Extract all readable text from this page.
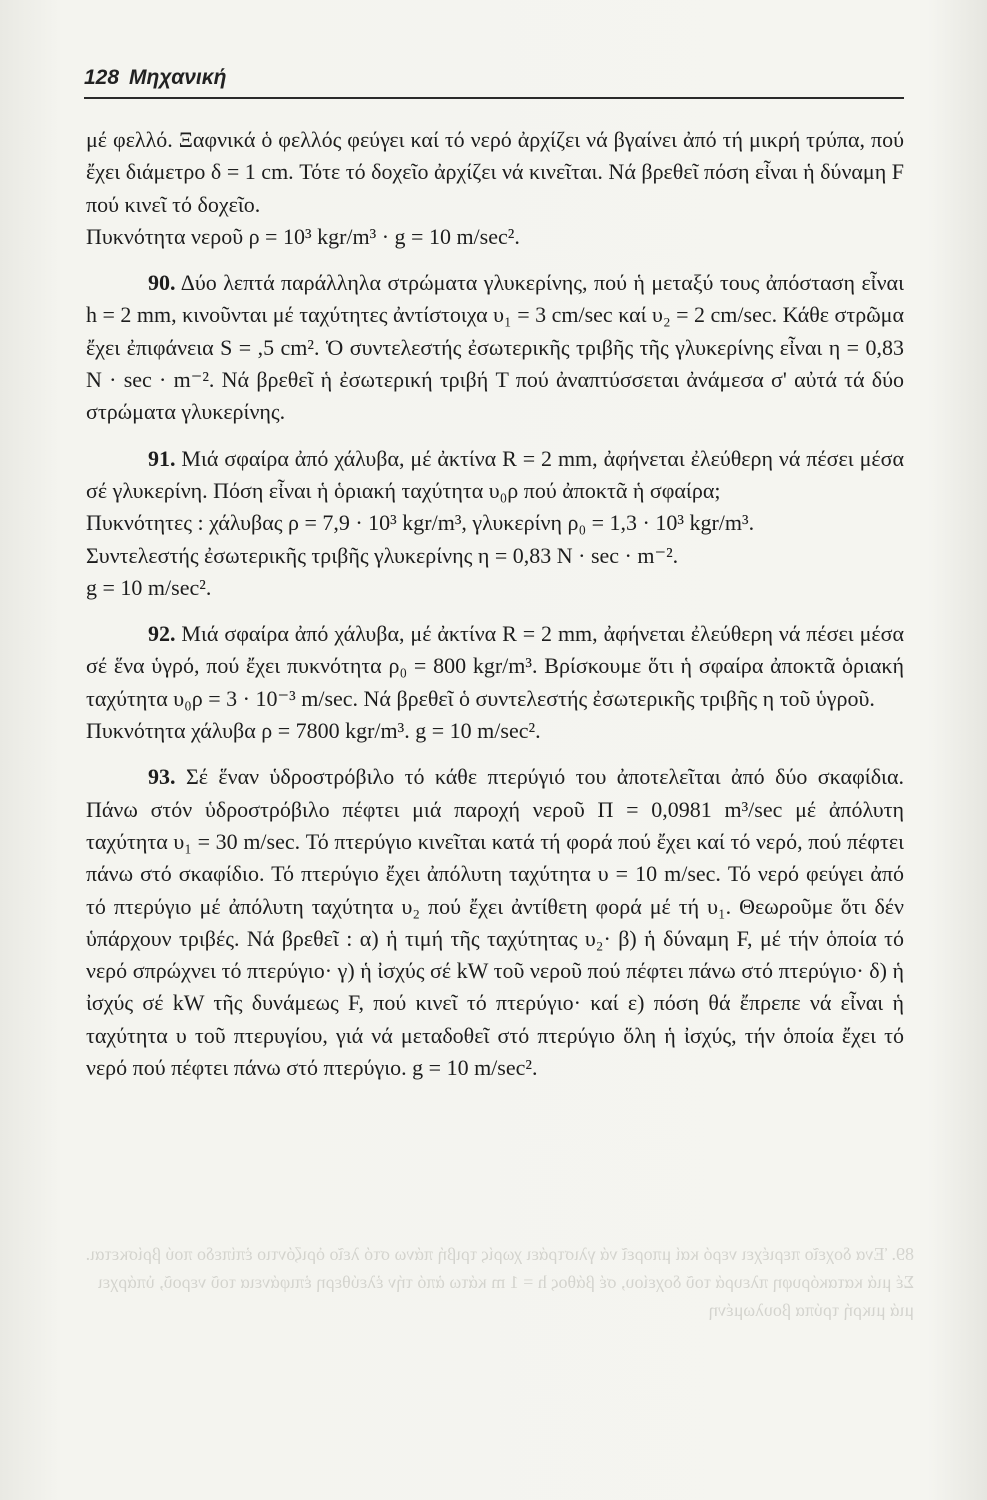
128 Μηχανική

μέ φελλό. Ξαφνικά ὁ φελλός φεύγει καί τό νερό ἀρχίζει νά βγαίνει ἀπό τή μικρή τρύπα, πού ἔχει διάμετρο δ = 1 cm. Τότε τό δοχεῖο ἀρχίζει νά κινεῖται. Νά βρεθεῖ πόση εἶναι ἡ δύναμη F πού κινεῖ τό δοχεῖο.

Πυκνότητα νεροῦ ρ = 10³ kgr/m³ · g = 10 m/sec².

90. Δύο λεπτά παράλληλα στρώματα γλυκερίνης, πού ἡ μεταξύ τους ἀπόσταση εἶναι h = 2 mm, κινοῦνται μέ ταχύτητες ἀντίστοιχα υ₁ = 3 cm/sec καί υ₂ = 2 cm/sec. Κάθε στρῶμα ἔχει ἐπιφάνεια S = ,5 cm². Ὁ συντελεστής ἐσωτερικῆς τριβῆς τῆς γλυκερίνης εἶναι η = 0,83 N · sec · m⁻². Νά βρεθεῖ ἡ ἐσωτερική τριβή T πού ἀναπτύσσεται ἀνάμεσα σ' αὐτά τά δύο στρώματα γλυκερίνης.

91. Μιά σφαίρα ἀπό χάλυβα, μέ ἀκτίνα R = 2 mm, ἀφήνεται ἐλεύθερη νά πέσει μέσα σέ γλυκερίνη. Πόση εἶναι ἡ ὁριακή ταχύτητα υ₀ρ πού ἀποκτᾶ ἡ σφαίρα;

Πυκνότητες : χάλυβας ρ = 7,9 · 10³ kgr/m³, γλυκερίνη ρ₀ = 1,3 · 10³ kgr/m³.

Συντελεστής ἐσωτερικῆς τριβῆς γλυκερίνης η = 0,83 N · sec · m⁻².

g = 10 m/sec².

92. Μιά σφαίρα ἀπό χάλυβα, μέ ἀκτίνα R = 2 mm, ἀφήνεται ἐλεύθερη νά πέσει μέσα σέ ἕνα ὑγρό, πού ἔχει πυκνότητα ρ₀ = 800 kgr/m³. Βρίσκουμε ὅτι ἡ σφαίρα ἀποκτᾶ ὁριακή ταχύτητα υ₀ρ = 3 · 10⁻³ m/sec. Νά βρεθεῖ ὁ συντελεστής ἐσωτερικῆς τριβῆς η τοῦ ὑγροῦ.

Πυκνότητα χάλυβα ρ = 7800 kgr/m³. g = 10 m/sec².

93. Σέ ἕναν ὑδροστρόβιλο τό κάθε πτερύγιό του ἀποτελεῖται ἀπό δύο σκαφίδια. Πάνω στόν ὑδροστρόβιλο πέφτει μιά παροχή νεροῦ Π = 0,0981 m³/sec μέ ἀπόλυτη ταχύτητα υ₁ = 30 m/sec. Τό πτερύγιο κινεῖται κατά τή φορά πού ἔχει καί τό νερό, πού πέφτει πάνω στό σκαφίδιο. Τό πτερύγιο ἔχει ἀπόλυτη ταχύτητα υ = 10 m/sec. Τό νερό φεύγει ἀπό τό πτερύγιο μέ ἀπόλυτη ταχύτητα υ₂ πού ἔχει ἀντίθετη φορά μέ τή υ₁. Θεωροῦμε ὅτι δέν ὑπάρχουν τριβές. Νά βρεθεῖ : α) ἡ τιμή τῆς ταχύτητας υ₂· β) ἡ δύναμη F, μέ τήν ὁποία τό νερό σπρώχνει τό πτερύγιο· γ) ἡ ἰσχύς σέ kW τοῦ νεροῦ πού πέφτει πάνω στό πτερύγιο· δ) ἡ ἰσχύς σέ kW τῆς δυνάμεως F, πού κινεῖ τό πτερύγιο· καί ε) πόση θά ἔπρεπε νά εἶναι ἡ ταχύτητα υ τοῦ πτερυγίου, γιά νά μεταδοθεῖ στό πτερύγιο ὅλη ἡ ἰσχύς, τήν ὁποία ἔχει τό νερό πού πέφτει πάνω στό πτερύγιο. g = 10 m/sec².

89. Ἑνα δοχεῖο περιέχει νερό καί μπορεῖ νά γλιστράει χωρίς τριβή πάνω στό λεῖο ὁριζόντιο ἐπίπεδο πού βρίσκεται. Σέ μιά κατακόρυφη πλευρά τοῦ δοχείου, σέ βάθος h = 1 m κάτω ἀπό τήν ἐλεύθερη ἐπιφάνεια τοῦ νεροῦ, ὑπάρχει μιά μικρή τρύπα βουλωμένη
